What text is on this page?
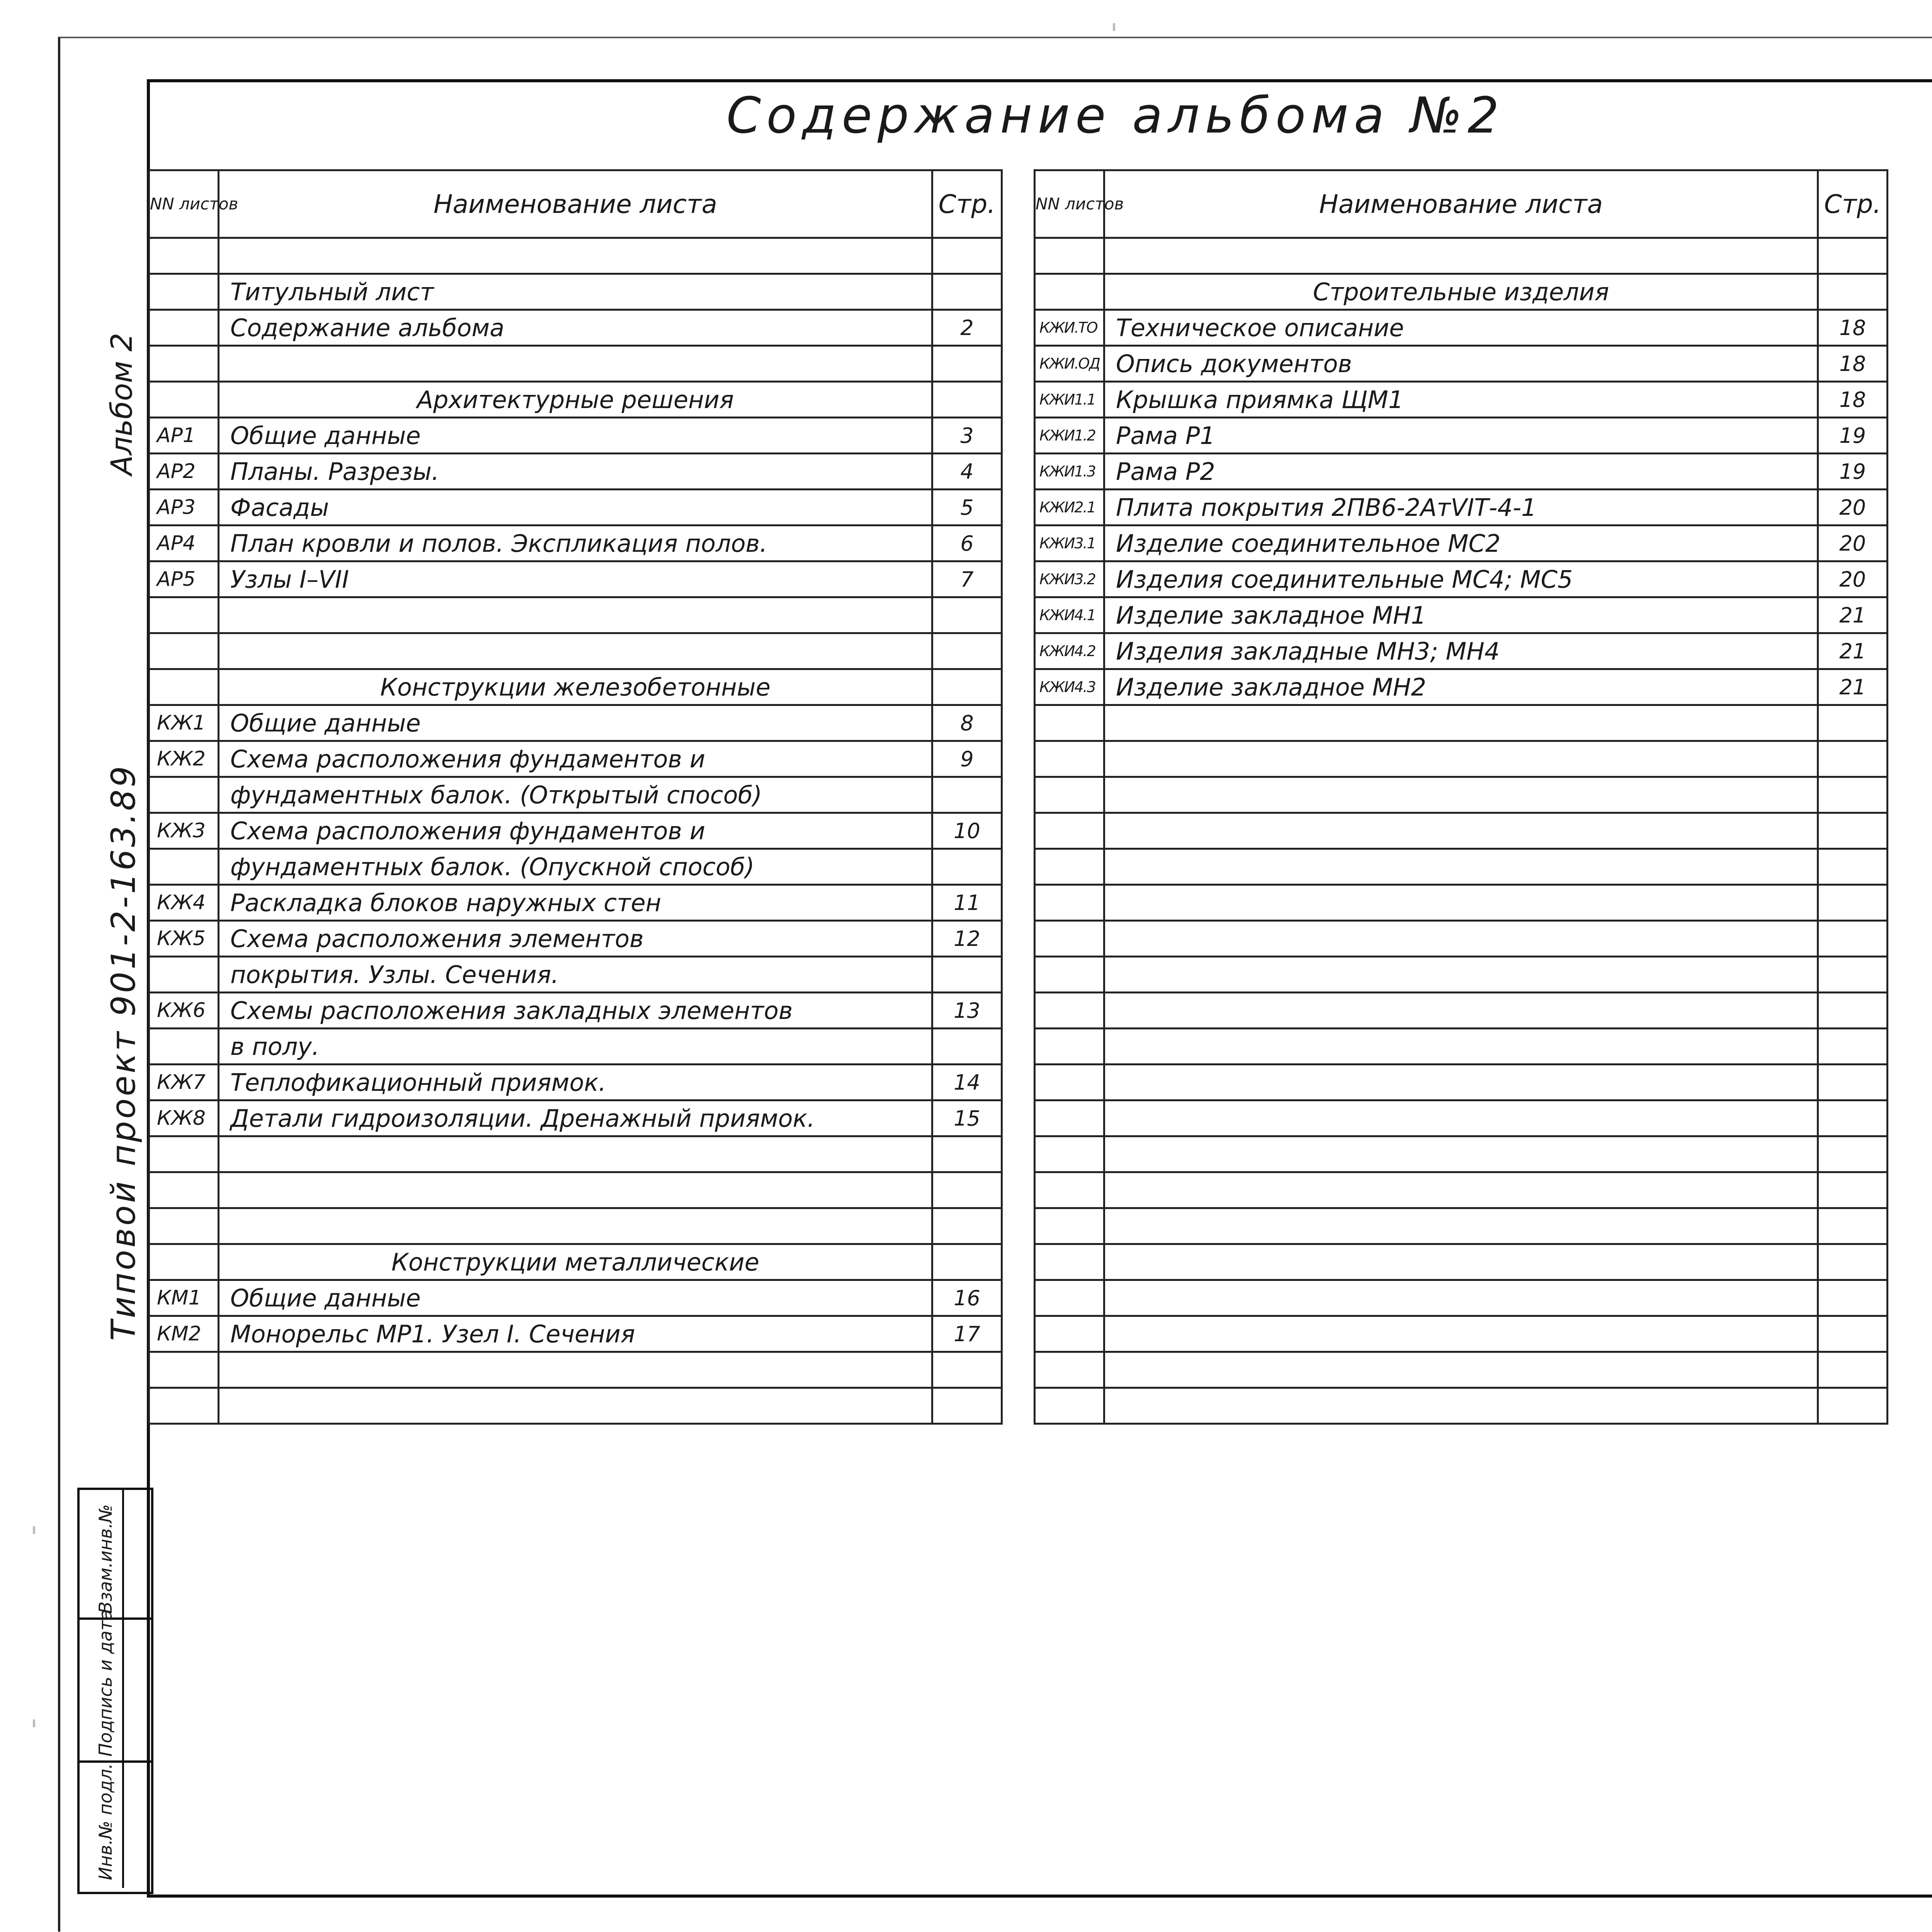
Содержание альбома №2
Альбом 2
Типовой проект 901-2-163.89
Инв.№ подл.
Подпись и дата
Взам.инв.№
NN листов	Наименование листа	Стр.

	Титульный лист	
	Содержание альбома	2

	Архитектурные решения	
АР1	Общие данные	3
АР2	Планы. Разрезы.	4
АР3	Фасады	5
АР4	План кровли и полов. Экспликация полов.	6
АР5	Узлы I–VII	7

	Конструкции железобетонные	
КЖ1	Общие данные	8
КЖ2	Схема расположения фундаментов и	9
	фундаментных балок. (Открытый способ)	
КЖ3	Схема расположения фундаментов и	10
	фундаментных балок. (Опускной способ)	
КЖ4	Раскладка блоков наружных стен	11
КЖ5	Схема расположения элементов	12
	покрытия. Узлы. Сечения.	
КЖ6	Схемы расположения закладных элементов	13
	в полу.	
КЖ7	Теплофикационный приямок.	14
КЖ8	Детали гидроизоляции. Дренажный приямок.	15

	Конструкции металлические	
КМ1	Общие данные	16
КМ2	Монорельс МР1. Узел I. Сечения	17

NN листов	Наименование листа	Стр.

	Строительные изделия	
КЖИ.ТО	Техническое описание	18
КЖИ.ОД	Опись документов	18
КЖИ1.1	Крышка приямка ЩМ1	18
КЖИ1.2	Рама Р1	19
КЖИ1.3	Рама Р2	19
КЖИ2.1	Плита покрытия 2ПВ6-2АтVIТ-4-1	20
КЖИ3.1	Изделие соединительное МС2	20
КЖИ3.2	Изделия соединительные МС4; МС5	20
КЖИ4.1	Изделие закладное МН1	21
КЖИ4.2	Изделия закладные МН3; МН4	21
КЖИ4.3	Изделие закладное МН2	21
